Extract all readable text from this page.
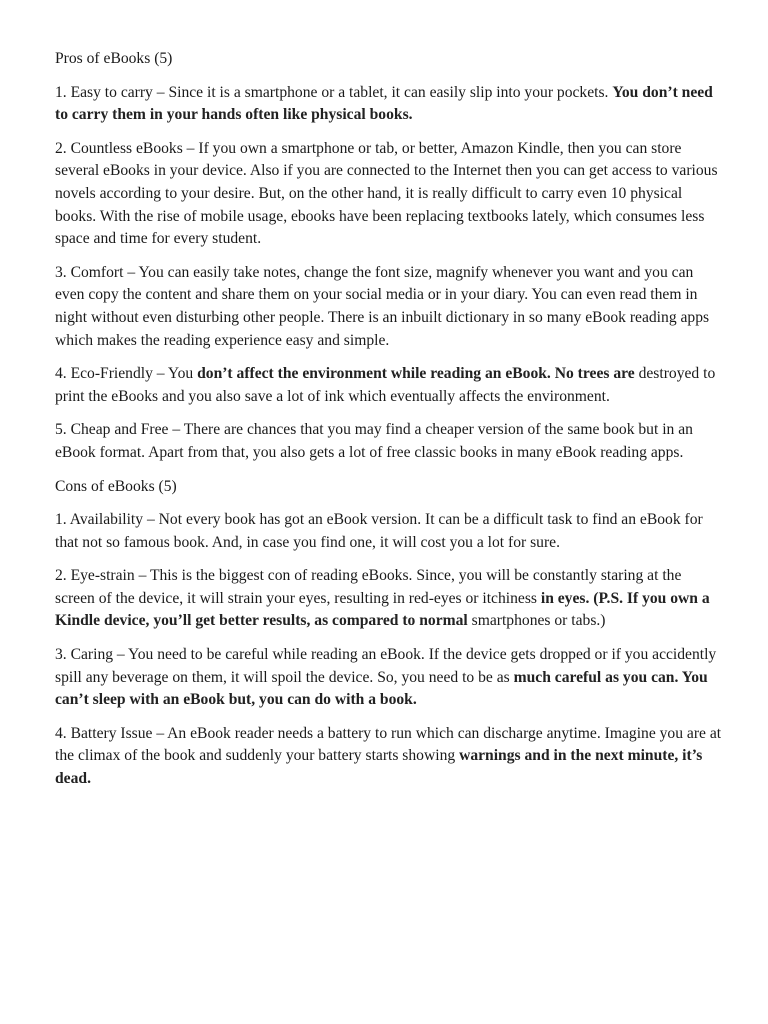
Pros of eBooks (5)

1. Easy to carry – Since it is a smartphone or a tablet, it can easily slip into your pockets. You don’t need to carry them in your hands often like physical books.

2. Countless eBooks – If you own a smartphone or tab, or better, Amazon Kindle, then you can store several eBooks in your device. Also if you are connected to the Internet then you can get access to various novels according to your desire. But, on the other hand, it is really difficult to carry even 10 physical books. With the rise of mobile usage, ebooks have been replacing textbooks lately, which consumes less space and time for every student.

3. Comfort – You can easily take notes, change the font size, magnify whenever you want and you can even copy the content and share them on your social media or in your diary. You can even read them in night without even disturbing other people. There is an inbuilt dictionary in so many eBook reading apps which makes the reading experience easy and simple.

4. Eco-Friendly – You don’t affect the environment while reading an eBook. No trees are destroyed to print the eBooks and you also save a lot of ink which eventually affects the environment.

5. Cheap and Free – There are chances that you may find a cheaper version of the same book but in an eBook format. Apart from that, you also gets a lot of free classic books in many eBook reading apps.

Cons of eBooks (5)

1. Availability – Not every book has got an eBook version. It can be a difficult task to find an eBook for that not so famous book. And, in case you find one, it will cost you a lot for sure.

2. Eye-strain – This is the biggest con of reading eBooks. Since, you will be constantly staring at the screen of the device, it will strain your eyes, resulting in red-eyes or itchiness in eyes. (P.S. If you own a Kindle device, you’ll get better results, as compared to normal smartphones or tabs.)

3. Caring – You need to be careful while reading an eBook. If the device gets dropped or if you accidently spill any beverage on them, it will spoil the device. So, you need to be as much careful as you can. You can’t sleep with an eBook but, you can do with a book.

4. Battery Issue – An eBook reader needs a battery to run which can discharge anytime. Imagine you are at the climax of the book and suddenly your battery starts showing warnings and in the next minute, it’s dead.
